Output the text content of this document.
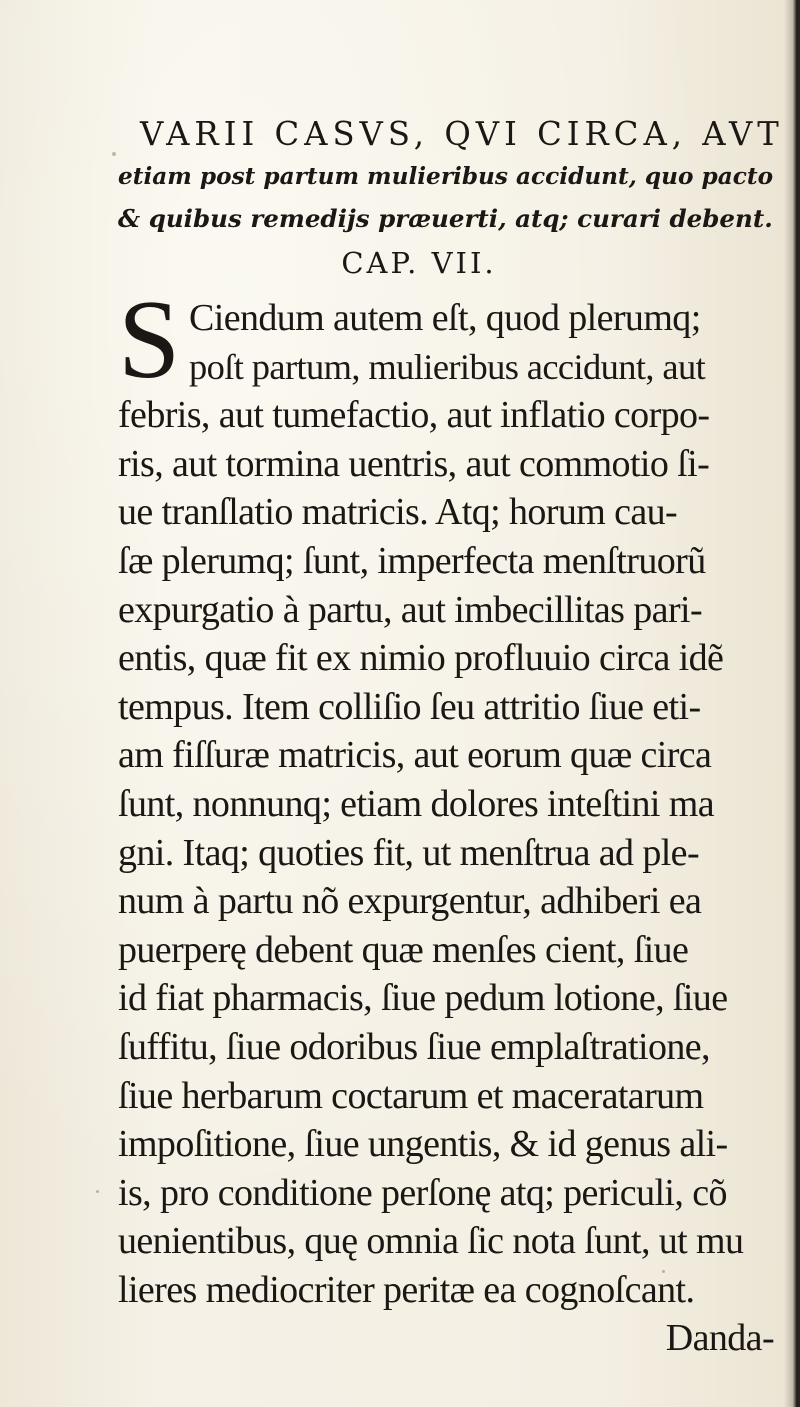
VARII CASVS, QVI CIRCA, AVT
etiam post partum mulieribus accidunt, quo pacto
& quibus remedijs præuerti, atq; curari debent.
CAP. VII.
S Ciendum autem eſt, quod plerumq;
poſt partum, mulieribus accidunt, aut
febris, aut tumefactio, aut inflatio corpo-
ris, aut tormina uentris, aut commotio ſi-
ue tranſlatio matricis. Atq; horum cau-
ſæ plerumq; ſunt, imperfecta menſtruorũ
expurgatio à partu, aut imbecillitas pari-
entis, quæ fit ex nimio profluuio circa idẽ
tempus. Item colliſio ſeu attritio ſiue eti-
am fiſſuræ matricis, aut eorum quæ circa
ſunt, nonnunq; etiam dolores inteſtini ma
gni. Itaq; quoties fit, ut menſtrua ad ple-
num à partu nõ expurgentur, adhiberi ea
puerperę debent quæ menſes cient, ſiue
id fiat pharmacis, ſiue pedum lotione, ſiue
ſuffitu, ſiue odoribus ſiue emplaſtratione,
ſiue herbarum coctarum et maceratarum
impoſitione, ſiue ungentis, & id genus ali-
is, pro conditione perſonę atq; periculi, cõ
uenientibus, quę omnia ſic nota ſunt, ut mu
lieres mediocriter peritæ ea cognoſcant.
Danda-
